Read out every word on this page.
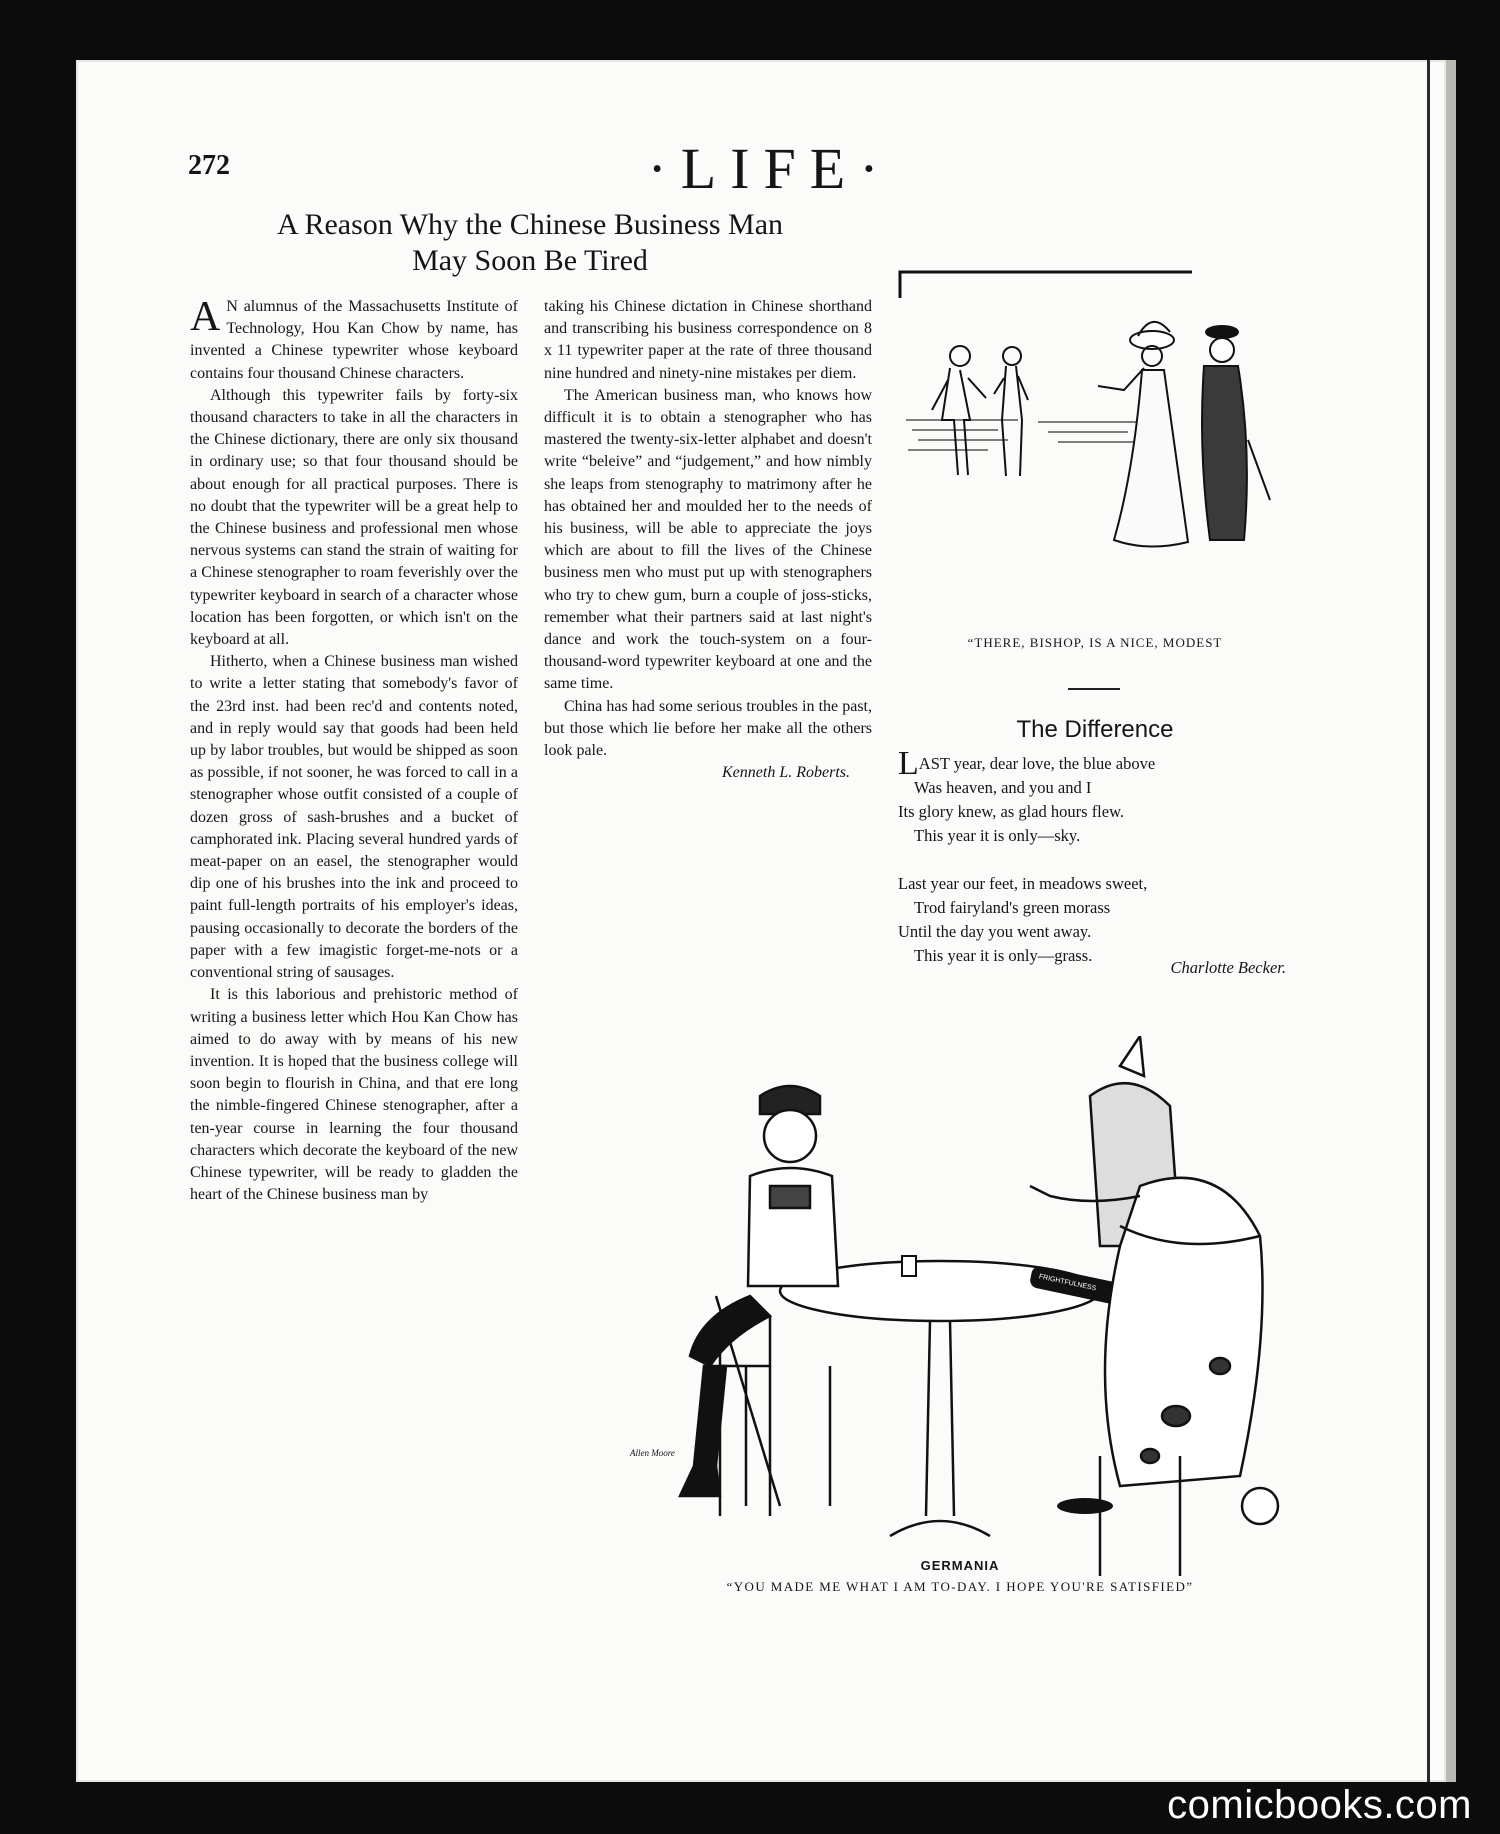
272	·LIFE·
A Reason Why the Chinese Business Man
May Soon Be Tired

A N alumnus of the Massachusetts Institute of Technology, Hou Kan Chow by name, has invented a Chinese typewriter whose keyboard contains four thousand Chinese characters.

Although this typewriter fails by forty-six thousand characters to take in all the characters in the Chinese dictionary, there are only six thousand in ordinary use; so that four thousand should be about enough for all practical purposes. There is no doubt that the typewriter will be a great help to the Chinese business and professional men whose nervous systems can stand the strain of waiting for a Chinese stenographer to roam feverishly over the typewriter keyboard in search of a character whose location has been forgotten, or which isn't on the keyboard at all.

Hitherto, when a Chinese business man wished to write a letter stating that somebody's favor of the 23rd inst. had been rec'd and contents noted, and in reply would say that goods had been held up by labor troubles, but would be shipped as soon as possible, if not sooner, he was forced to call in a stenographer whose outfit consisted of a couple of dozen gross of sash-brushes and a bucket of camphorated ink. Placing several hundred yards of meat-paper on an easel, the stenographer would dip one of his brushes into the ink and proceed to paint full-length portraits of his employer's ideas, pausing occasionally to decorate the borders of the paper with a few imagistic forget-me-nots or a conventional string of sausages.

It is this laborious and prehistoric method of writing a business letter which Hou Kan Chow has aimed to do away with by means of his new invention. It is hoped that the business college will soon begin to flourish in China, and that ere long the nimble-fingered Chinese stenographer, after a ten-year course in learning the four thousand characters which decorate the keyboard of the new Chinese typewriter, will be ready to gladden the heart of the Chinese business man by

taking his Chinese dictation in Chinese shorthand and transcribing his business correspondence on 8 x 11 typewriter paper at the rate of three thousand nine hundred and ninety-nine mistakes per diem.

The American business man, who knows how difficult it is to obtain a stenographer who has mastered the twenty-six-letter alphabet and doesn't write “beleive” and “judgement,” and how nimbly she leaps from stenography to matrimony after he has obtained her and moulded her to the needs of his business, will be able to appreciate the joys which are about to fill the lives of the Chinese business men who must put up with stenographers who try to chew gum, burn a couple of joss-sticks, remember what their partners said at last night's dance and work the touch-system on a four-thousand-word typewriter keyboard at one and the same time.

China has had some serious troubles in the past, but those which lie before her make all the others look pale.

Kenneth L. Roberts.
“THERE, BISHOP, IS A NICE, MODEST
The Difference
LAST year, dear love, the blue above
Was heaven, and you and I
Its glory knew, as glad hours flew.
This year it is only—sky.
Last year our feet, in meadows sweet,
Trod fairyland's green morass
Until the day you went away.
This year it is only—grass.
Charlotte Becker.
FRIGHTFULNESS
Allen Moore
GERMANIA
“YOU MADE ME WHAT I AM TO-DAY. I HOPE YOU'RE SATISFIED”
comicbooks.com
